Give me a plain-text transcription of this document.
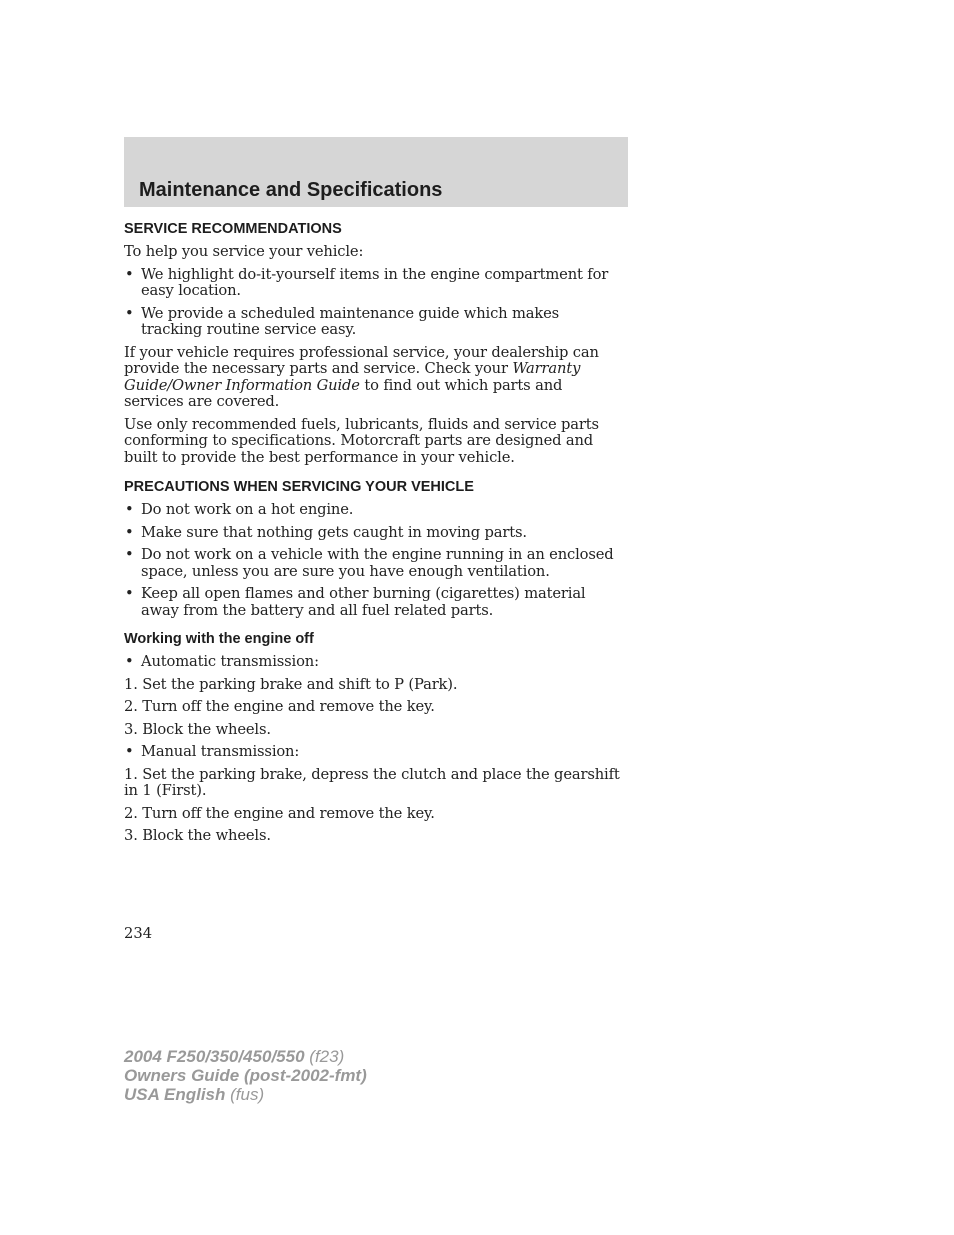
Maintenance and Specifications
SERVICE RECOMMENDATIONS

To help you service your vehicle:

• We highlight do-it-yourself items in the engine compartment for easy location.
• We provide a scheduled maintenance guide which makes tracking routine service easy.

If your vehicle requires professional service, your dealership can provide the necessary parts and service. Check your Warranty Guide/Owner Information Guide to find out which parts and services are covered.

Use only recommended fuels, lubricants, fluids and service parts conforming to specifications. Motorcraft parts are designed and built to provide the best performance in your vehicle.

PRECAUTIONS WHEN SERVICING YOUR VEHICLE
• Do not work on a hot engine.
• Make sure that nothing gets caught in moving parts.
• Do not work on a vehicle with the engine running in an enclosed space, unless you are sure you have enough ventilation.
• Keep all open flames and other burning (cigarettes) material away from the battery and all fuel related parts.
Working with the engine off
• Automatic transmission:
1. Set the parking brake and shift to P (Park).
2. Turn off the engine and remove the key.
3. Block the wheels.
• Manual transmission:
1. Set the parking brake, depress the clutch and place the gearshift in 1 (First).
2. Turn off the engine and remove the key.
3. Block the wheels.
234
2004 F250/350/450/550 (f23)
Owners Guide (post-2002-fmt)
USA English (fus)
